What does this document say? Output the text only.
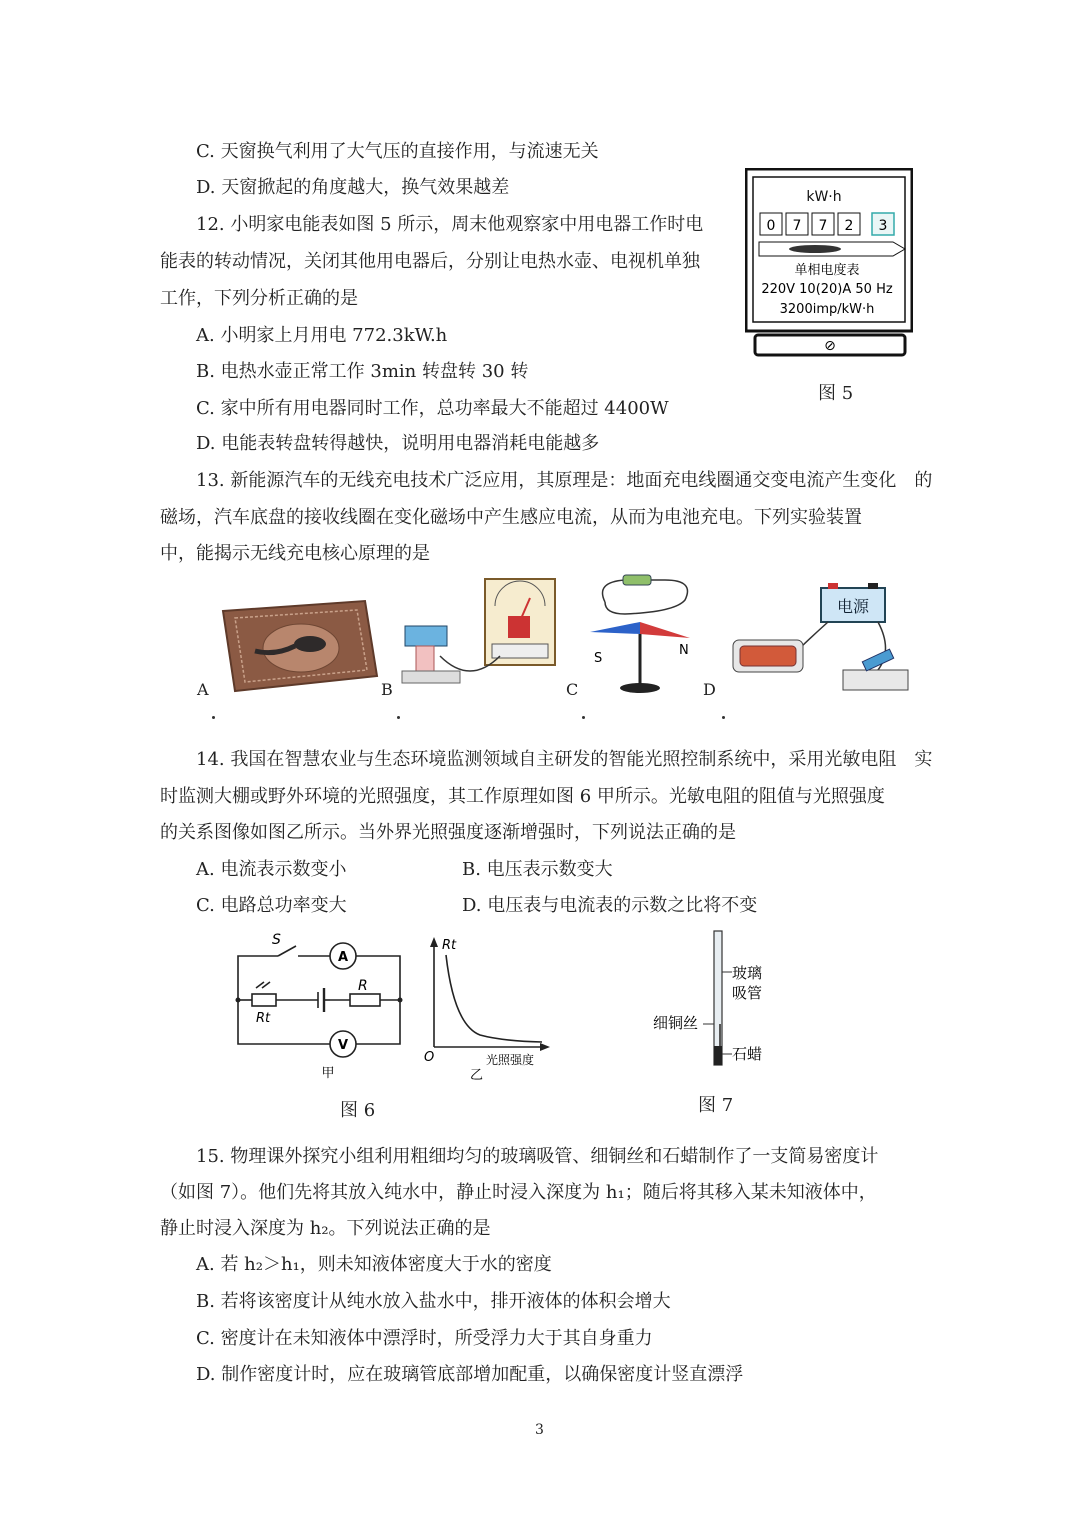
C. 天窗换气利用了大气压的直接作用，与流速无关
D. 天窗掀起的角度越大，换气效果越差
12. 小明家电能表如图 5 所示，周末他观察家中用电器工作时电
能表的转动情况，关闭其他用电器后，分别让电热水壶、电视机单独
工作，下列分析正确的是
A. 小明家上月用电 772.3kW.h
B. 电热水壶正常工作 3min 转盘转 30 转
C. 家中所有用电器同时工作，总功率最大不能超过 4400W
D. 电能表转盘转得越快，说明用电器消耗电能越多
kW·h
0 7 7 2 3
单相电度表
220V 10(20)A 50 Hz
3200imp/kW·h
⊘
图 5
13. 新能源汽车的无线充电技术广泛应用，其原理是：地面充电线圈通交变电流产生变化　的
磁场，汽车底盘的接收线圈在变化磁场中产生感应电流，从而为电池充电。下列实验装置
中，能揭示无线充电核心原理的是
A	B
S
N
C
电源
D
14. 我国在智慧农业与生态环境监测领域自主研发的智能光照控制系统中，采用光敏电阻　实
时监测大棚或野外环境的光照强度，其工作原理如图 6 甲所示。光敏电阻的阻值与光照强度
的关系图像如图乙所示。当外界光照强度逐渐增强时，下列说法正确的是
A. 电流表示数变小	B. 电压表示数变大
C. 电路总功率变大	D. 电压表与电流表的示数之比将不变
S
A
V
R
Rt
甲
Rt
O	光照强度
乙
图 6
玻璃
吸管
细铜丝
石蜡
图 7
15. 物理课外探究小组利用粗细均匀的玻璃吸管、细铜丝和石蜡制作了一支简易密度计
（如图 7）。他们先将其放入纯水中，静止时浸入深度为 h₁；随后将其移入某未知液体中，
静止时浸入深度为 h₂。下列说法正确的是
A. 若 h₂＞h₁，则未知液体密度大于水的密度
B. 若将该密度计从纯水放入盐水中，排开液体的体积会增大
C. 密度计在未知液体中漂浮时，所受浮力大于其自身重力
D. 制作密度计时，应在玻璃管底部增加配重，以确保密度计竖直漂浮
3
